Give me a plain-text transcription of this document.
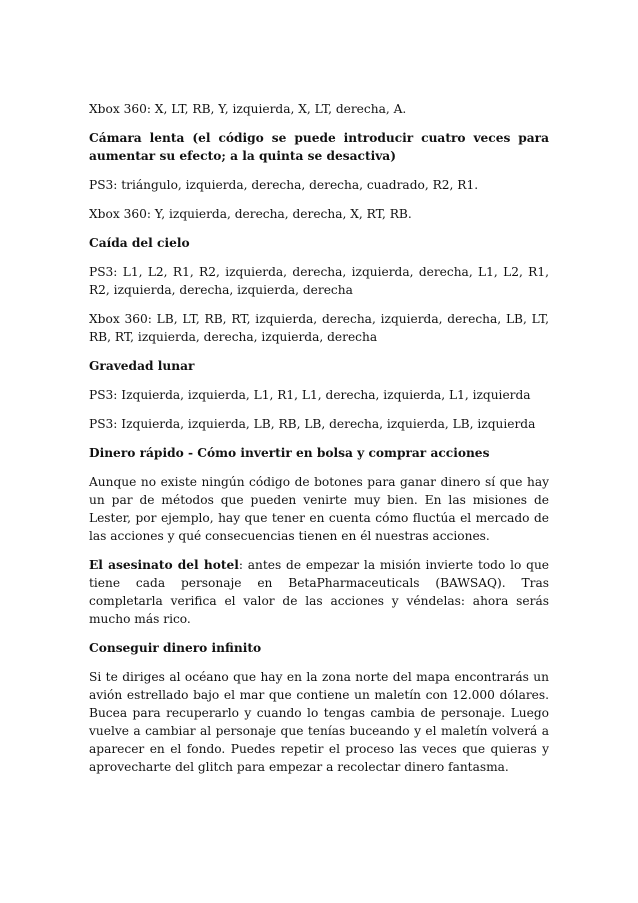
Xbox 360: X, LT, RB, Y, izquierda, X, LT, derecha, A.

Cámara lenta (el código se puede introducir cuatro veces para aumentar su efecto; a la quinta se desactiva)

PS3: triángulo, izquierda, derecha, derecha, cuadrado, R2, R1.

Xbox 360: Y, izquierda, derecha, derecha, X, RT, RB.

Caída del cielo

PS3: L1, L2, R1, R2, izquierda, derecha, izquierda, derecha, L1, L2, R1, R2, izquierda, derecha, izquierda, derecha

Xbox 360: LB, LT, RB, RT, izquierda, derecha, izquierda, derecha, LB, LT, RB, RT, izquierda, derecha, izquierda, derecha

Gravedad lunar

PS3: Izquierda, izquierda, L1, R1, L1, derecha, izquierda, L1, izquierda

PS3: Izquierda, izquierda, LB, RB, LB, derecha, izquierda, LB, izquierda

Dinero rápido - Cómo invertir en bolsa y comprar acciones

Aunque no existe ningún código de botones para ganar dinero sí que hay un par de métodos que pueden venirte muy bien. En las misiones de Lester, por ejemplo, hay que tener en cuenta cómo fluctúa el mercado de las acciones y qué consecuencias tienen en él nuestras acciones.

El asesinato del hotel: antes de empezar la misión invierte todo lo que tiene cada personaje en BetaPharmaceuticals (BAWSAQ). Tras completarla verifica el valor de las acciones y véndelas: ahora serás mucho más rico.

Conseguir dinero infinito

Si te diriges al océano que hay en la zona norte del mapa encontrarás un avión estrellado bajo el mar que contiene un maletín con 12.000 dólares. Bucea para recuperarlo y cuando lo tengas cambia de personaje. Luego vuelve a cambiar al personaje que tenías buceando y el maletín volverá a aparecer en el fondo. Puedes repetir el proceso las veces que quieras y aprovecharte del glitch para empezar a recolectar dinero fantasma.
